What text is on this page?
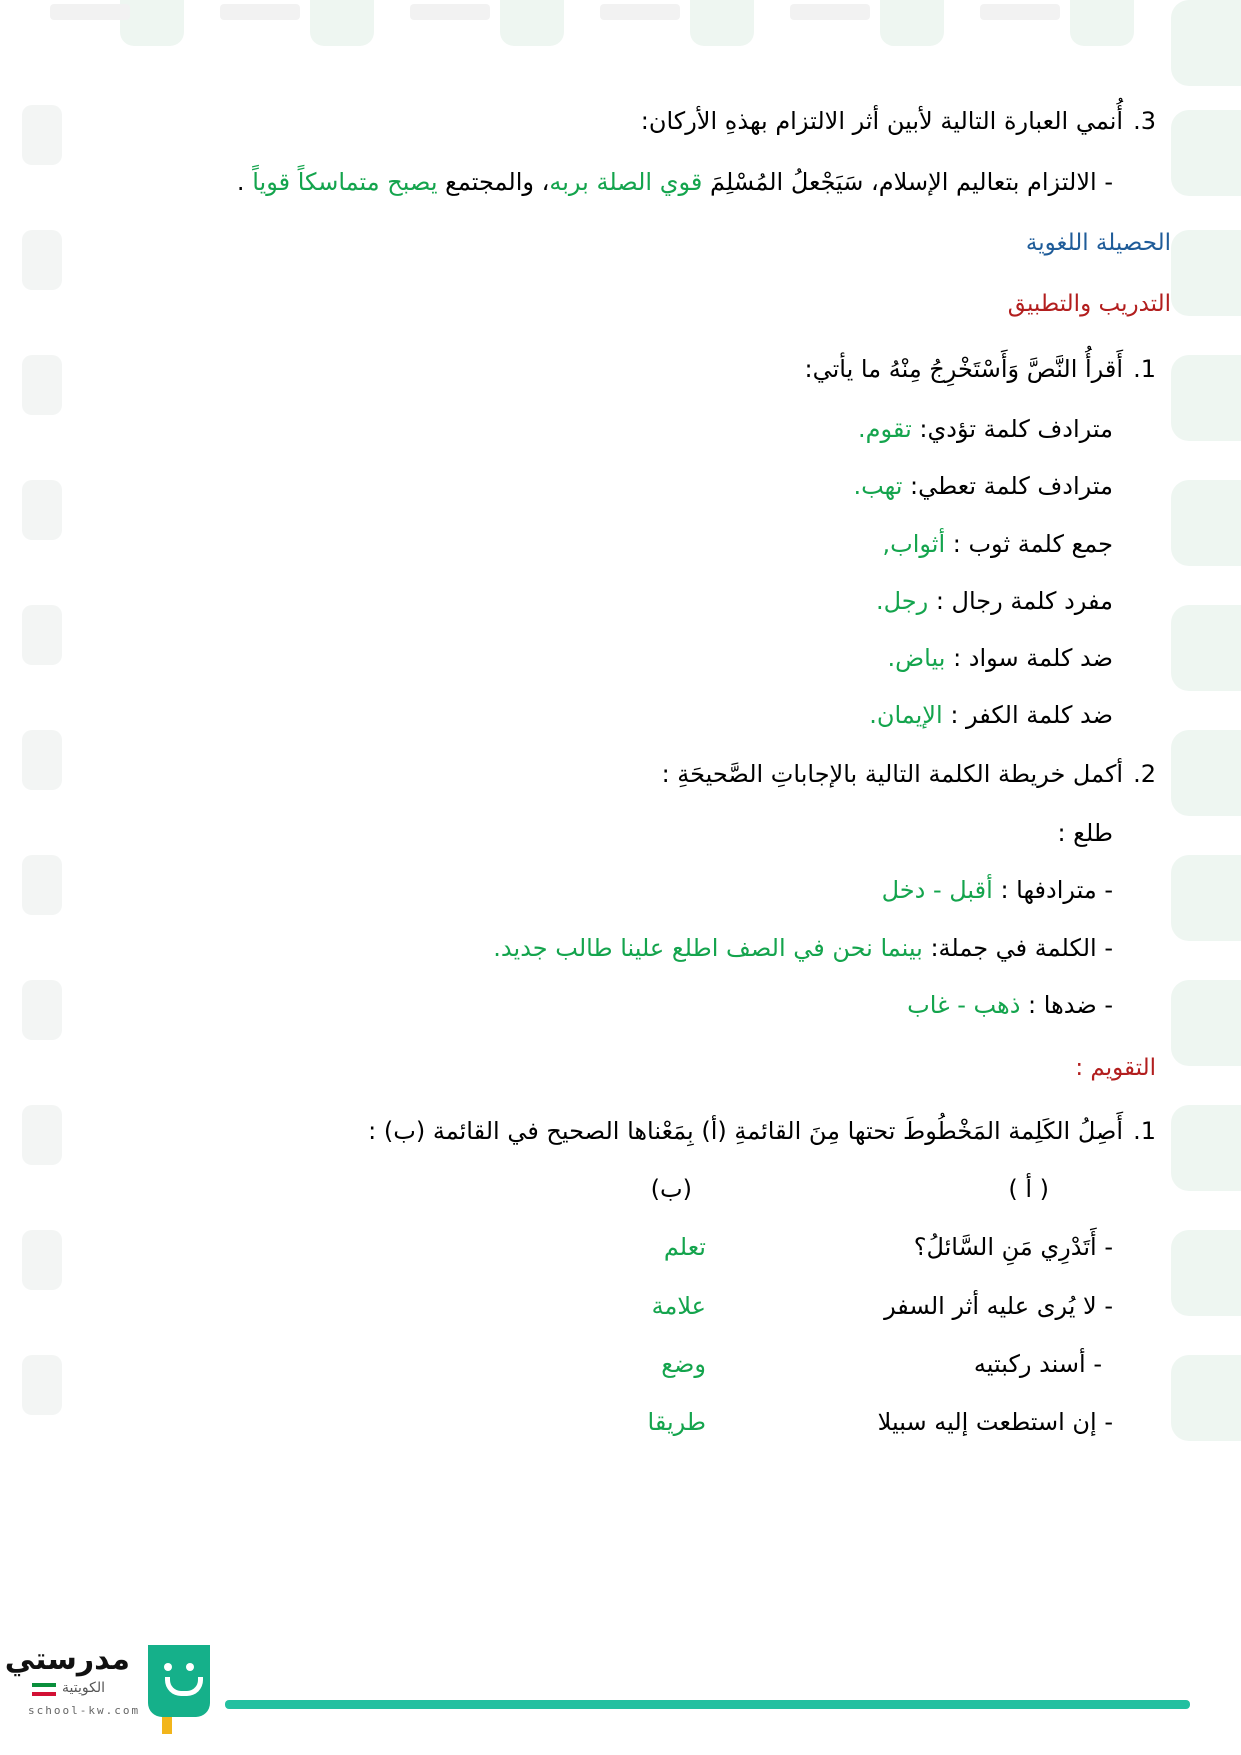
3.أُنمي العبارة التالية لأبين أثر الالتزام بهذهِ الأركان:
- الالتزام بتعاليم الإسلام، سَيَجْعلُ المُسْلِمَ قوي الصلة بربه، والمجتمع يصبح متماسكاً قوياً .
الحصيلة اللغوية
التدريب والتطبيق
1.أَقرأُ النَّصَّ وَأَسْتَخْرِجُ مِنْهُ ما يأتي:
مترادف كلمة تؤدي: تقوم.
مترادف كلمة تعطي: تهب.
جمع كلمة ثوب : أثواب,
مفرد كلمة رجال : رجل.
ضد كلمة سواد : بياض.
ضد كلمة الكفر : الإيمان.
2.أكمل خريطة الكلمة التالية بالإجاباتِ الصَّحيحَةِ :
طلع :
- مترادفها : أقبل - دخل
- الكلمة في جملة: بينما نحن في الصف اطلع علينا طالب جديد.
- ضدها : ذهب - غاب
التقويم :
1.أَصِلُ الكَلِمة المَخْطُوطَ تحتها مِنَ القائمةِ (أ) بِمَعْناها الصحيح في القائمة (ب) :
( أ )
(ب)
- أَتَدْرِي مَنِ السَّائلُ؟
تعلم
- لا يُرى عليه أثر السفر
علامة
- أسند ركبتيه
وضع
- إن استطعت إليه سبيلا
طريقا
مدرستي
الكويتية
school-kw.com
